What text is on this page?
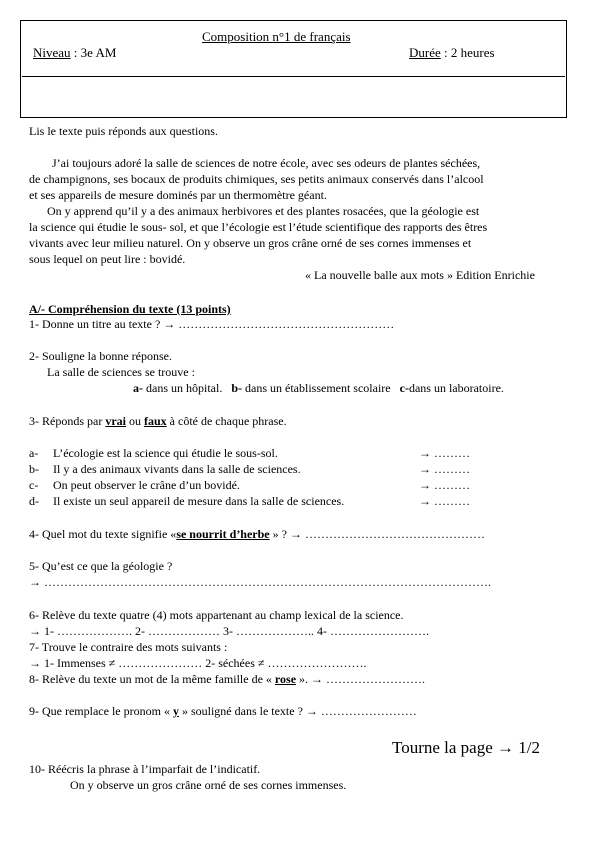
Composition n°1 de français
Niveau : 3e AM	Durée : 2 heures
Lis le texte puis réponds aux questions.
J’ai toujours adoré la salle de sciences de notre école, avec ses odeurs de plantes séchées,
de champignons, ses bocaux de produits chimiques, ses petits animaux conservés dans l’alcool
et ses appareils de mesure dominés par un thermomètre géant.
On y apprend qu’il y a des animaux herbivores et des plantes rosacées, que la géologie est
la science qui étudie le sous- sol, et que l’écologie est l’étude scientifique des rapports des êtres
vivants avec leur milieu naturel. On y observe un gros crâne orné de ses cornes immenses et
sous lequel on peut lire : bovidé.
« La nouvelle balle aux mots » Edition Enrichie
A/- Compréhension du texte (13 points)
1- Donne un titre au texte ? → ………………………………………………
2- Souligne la bonne réponse.
La salle de sciences se trouve :
a- dans un hôpital. b- dans un établissement scolaire c-dans un laboratoire.
3- Réponds par vrai ou faux à côté de chaque phrase.
a- L’écologie est la science qui étudie le sous-sol.	→ ………
b- Il y a des animaux vivants dans la salle de sciences.	→ ………
c- On peut observer le crâne d’un bovidé.	→ ………
d- Il existe un seul appareil de mesure dans la salle de sciences.	→ ………
4- Quel mot du texte signifie «se nourrit d’herbe » ? → ………………………………………
5- Qu’est ce que la géologie ?
→ ………………………………………………………………………………………………….
6- Relève du texte quatre (4) mots appartenant au champ lexical de la science.
→ 1- ………………. 2- ……………… 3- ……………….. 4- …………………….
7- Trouve le contraire des mots suivants :
→ 1- Immenses ≠ ………………… 2- séchées ≠ …………………….
8- Relève du texte un mot de la même famille de « rose ». → …………………….
9- Que remplace le pronom « y » souligné dans le texte ? → ……………………
Tourne la page → 1/2
10- Réécris la phrase à l’imparfait de l’indicatif.
On y observe un gros crâne orné de ses cornes immenses.
